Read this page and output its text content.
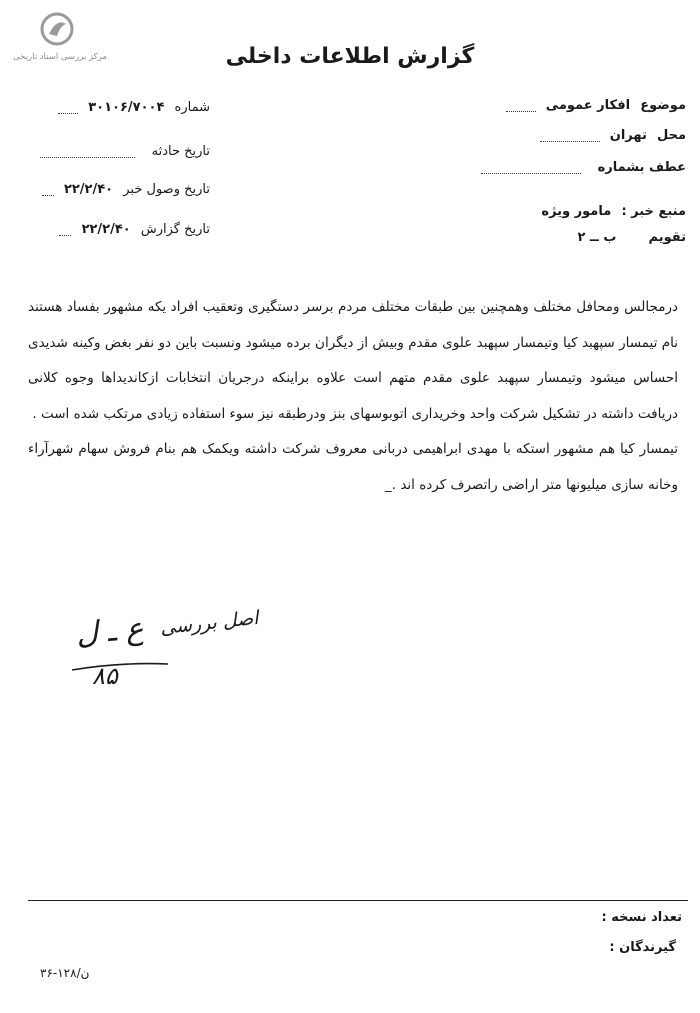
مرکز بررسی اسناد تاریخی	گزارش اطلاعات داخلی
شماره ۳۰۱۰۶/۷۰۰۴
تاریخ حادثه
تاریخ وصول خبر ۲۲/۲/۴۰
تاریخ گزارش ۲۲/۲/۴۰
موضوع افکار عمومی
محل تهران
عطف بشماره
منبع خبر : مامور ویژه
تقویم ب ــ ۲

درمجالس ومحافل مختلف وهمچنین بین طبقات مختلف مردم برسر دستگیری وتعقیب افراد یکه مشهور بفساد هستند نام تیمسار سپهبد کیا وتیمسار سپهبد علوی مقدم وبیش از دیگران برده میشود ونسبت باین دو نفر بغض وکینه شدیدی احساس میشود وتیمسار سپهبد علوی مقدم متهم است علاوه براینکه درجریان انتخابات ازکاندیداها وجوه کلانی دریافت داشته در تشکیل شرکت واحد وخریداری اتوبوسهای بنز ودرطبقه نیز سوء استفاده زیادی مرتکب شده است .

تیمسار کیا هم مشهور استکه با مهدی ابراهیمی دربانی معروف شرکت داشته ویکمک هم بنام فروش سهام شهرآراء وخانه سازی میلیونها متر اراضی راتصرف کرده اند ._

اصل بررسی
ع ـ ل
۸۵
تعداد نسخه :
گیرندگان :
ن/۱۲۸-۳۶
